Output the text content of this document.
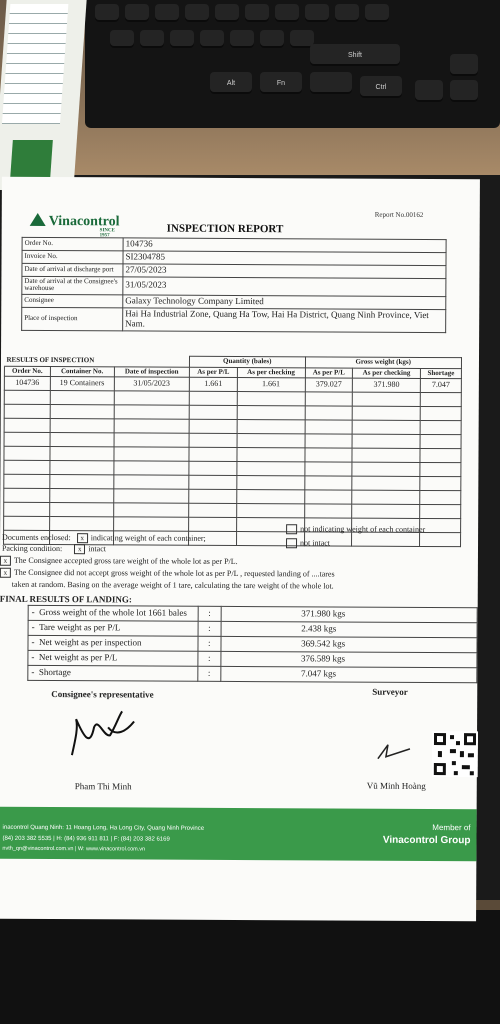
Shift
Alt	Fn
Ctrl
Vinacontrol
SINCE 1957
INSPECTION REPORT
Report No.00162
Order No.	104736
Invoice No.	SI2304785
Date of arrival at discharge port	27/05/2023
Date of arrival at the Consignee's warehouse	31/05/2023
Consignee	Galaxy Technology Company Limited
Place of inspection	Hai Ha Industrial Zone, Quang Ha Tow, Hai Ha District, Quang Ninh Province, Viet Nam.
RESULTS OF INSPECTION			Quantity (bales)		Gross weight (kgs)		
Order No.	Container No.	Date of inspection	As per P/L	As per checking	As per P/L	As per checking	Shortage
104736	19 Containers	31/05/2023	1.661	1.661	379.027	371.980	7.047

Documents enclosed: x indicating weight of each container;
not indicating weight of each container
Packing condition: x intact
not intact
x The Consignee accepted gross tare weight of the whole lot as per P/L.
x The Consignee did not accept gross weight of the whole lot as per P/L , requested landing of ....tares
taken at random. Basing on the average weight of 1 tare, calculating the tare weight of the whole lot.
FINAL RESULTS OF LANDING:
-  Gross weight of the whole lot 1661 bales	:	371.980 kgs
-  Tare weight as per P/L	:	2.438 kgs
-  Net weight as per inspection	:	369.542 kgs
-  Net weight as per P/L	:	376.589 kgs
-  Shortage	:	7.047 kgs
Consignee's representative	Surveyor
Pham Thi Minh	Vũ Minh Hoàng
inacontrol Quang Ninh: 11 Hoang Long, Ha Long City, Quang Ninh Province
(84) 203 382 5535 | H: (84) 936 911 811 | F: (84) 203 382 6169
nvth_qn@vinacontrol.com.vn | W: www.vinacontrol.com.vn
Member of
Vinacontrol Group
